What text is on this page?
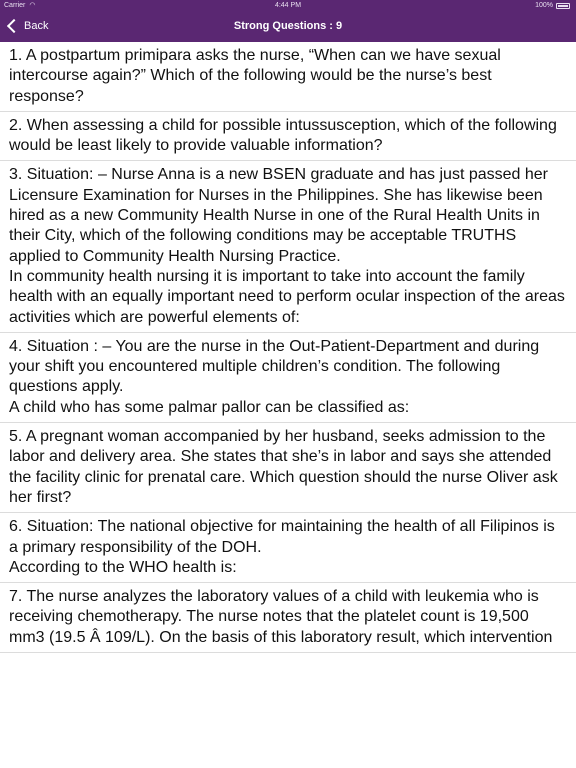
Carrier ◠	4:44 PM	100%
Back	Strong Questions : 9
1. A postpartum primipara asks the nurse, “When can we have sexual intercourse again?” Which of the following would be the nurse’s best response?
2. When assessing a child for possible intussusception, which of the following would be least likely to provide valuable information?
3. Situation: – Nurse Anna is a new BSEN graduate and has just passed her Licensure Examination for Nurses in the Philippines. She has likewise been hired as a new Community Health Nurse in one of the Rural Health Units in their City, which of the following conditions may be acceptable TRUTHS applied to Community Health Nursing Practice.
In community health nursing it is important to take into account the family health with an equally important need to perform ocular inspection of the areas activities which are powerful elements of:
4. Situation : – You are the nurse in the Out-Patient-Department and during your shift you encountered multiple children’s condition. The following questions apply.
A child who has some palmar pallor can be classified as:
5. A pregnant woman accompanied by her husband, seeks admission to the labor and delivery area. She states that she’s in labor and says she attended the facility clinic for prenatal care. Which question should the nurse Oliver ask her first?
6. Situation: The national objective for maintaining the health of all Filipinos is a primary responsibility of the DOH.
According to the WHO health is:
7. The nurse analyzes the laboratory values of a child with leukemia who is receiving chemotherapy. The nurse notes that the platelet count is 19,500 mm3 (19.5 Â 109/L). On the basis of this laboratory result, which intervention
